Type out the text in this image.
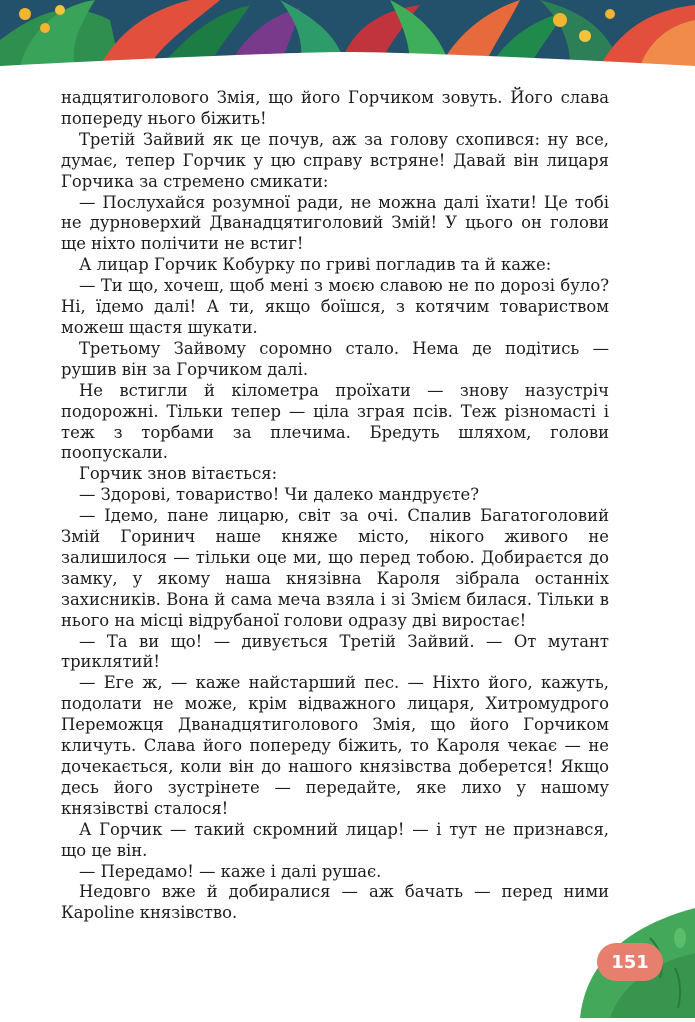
надцятиголового Змія, що його Горчиком зовуть. Його слава попереду нього біжить!

Третій Зайвий як це почув, аж за голову схопився: ну все, думає, тепер Горчик у цю справу встряне! Давай він лицаря Горчика за стремено смикати:

— Послухайся розумної ради, не можна далі їхати! Це тобі не дурноверхий Дванадцятиголовий Змій! У цього он голови ще ніхто полічити не встиг!

А лицар Горчик Кобурку по гриві погладив та й каже:

— Ти що, хочеш, щоб мені з моєю славою не по дорозі було? Ні, їдемо далі! А ти, якщо боїшся, з котячим товариством можеш щастя шукати.

Третьому Зайвому соромно стало. Нема де подітись — рушив він за Горчиком далі.

Не встигли й кілометра проїхати — знову назустріч подорожні. Тільки тепер — ціла зграя псів. Теж різномасті і теж з торбами за плечима. Бредуть шляхом, голови поопускали.

Горчик знов вітається:

— Здорові, товариство! Чи далеко мандруєте?

— Ідемо, пане лицарю, світ за очі. Спалив Багатоголовий Змій Горинич наше княже місто, нікого живого не залишилося — тільки оце ми, що перед тобою. Добираєтся до замку, у якому наша князівна Кароля зібрала останніх захисників. Вона й сама меча взяла і зі Змієм билася. Тільки в нього на місці відрубаної голови одразу дві виростає!

— Та ви що! — дивується Третій Зайвий. — От мутант триклятий!

— Еге ж, — каже найстарший пес. — Ніхто його, кажуть, подолати не може, крім відважного лицаря, Хитромудрого Переможця Дванадцятиголового Змія, що його Горчиком кличуть. Слава його попереду біжить, то Кароля чекає — не дочекається, коли він до нашого князівства доберется! Якщо десь його зустрінете — передайте, яке лихо у нашому князівстві сталося!

А Горчик — такий скромний лицар! — і тут не признався, що це він.

— Передамо! — каже і далі рушає.

Недовго вже й добиралися — аж бачать — перед ними Кароline князівство.

151
